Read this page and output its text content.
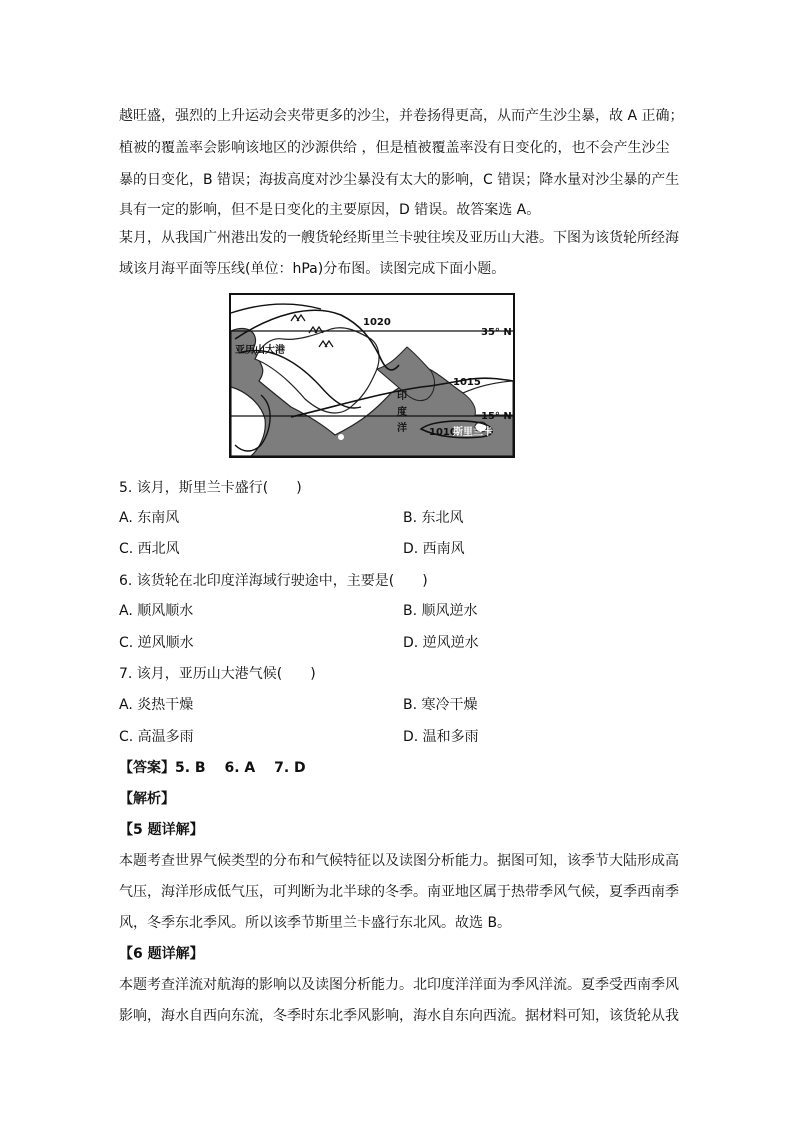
越旺盛，强烈的上升运动会夹带更多的沙尘，并卷扬得更高，从而产生沙尘暴，故 A 正确；
植被的覆盖率会影响该地区的沙源供给 ，但是植被覆盖率没有日变化的，也不会产生沙尘
暴的日变化，B 错误；海拔高度对沙尘暴没有太大的影响，C 错误；降水量对沙尘暴的产生
具有一定的影响，但不是日变化的主要原因，D 错误。故答案选 A。
某月，从我国广州港出发的一艘货轮经斯里兰卡驶往埃及亚历山大港。下图为该货轮所经海
域该月海平面等压线(单位：hPa)分布图。读图完成下面小题。
1020
1015
1010
35° N
15° N
亚历山大港
斯里兰卡
印
度
洋
5. 该月，斯里兰卡盛行(　　)
A. 东南风	B. 东北风
C. 西北风	D. 西南风
6. 该货轮在北印度洋海域行驶途中，主要是(　　)
A. 顺风顺水	B. 顺风逆水
C. 逆风顺水	D. 逆风逆水
7. 该月，亚历山大港气候(　　)
A. 炎热干燥	B. 寒冷干燥
C. 高温多雨	D. 温和多雨
【答案】5. B　 6. A　 7. D
【解析】
【5 题详解】
本题考查世界气候类型的分布和气候特征以及读图分析能力。据图可知，该季节大陆形成高
气压，海洋形成低气压，可判断为北半球的冬季。南亚地区属于热带季风气候，夏季西南季
风，冬季东北季风。所以该季节斯里兰卡盛行东北风。故选 B。
【6 题详解】
本题考查洋流对航海的影响以及读图分析能力。北印度洋洋面为季风洋流。夏季受西南季风
影响，海水自西向东流，冬季时东北季风影响，海水自东向西流。据材料可知，该货轮从我
